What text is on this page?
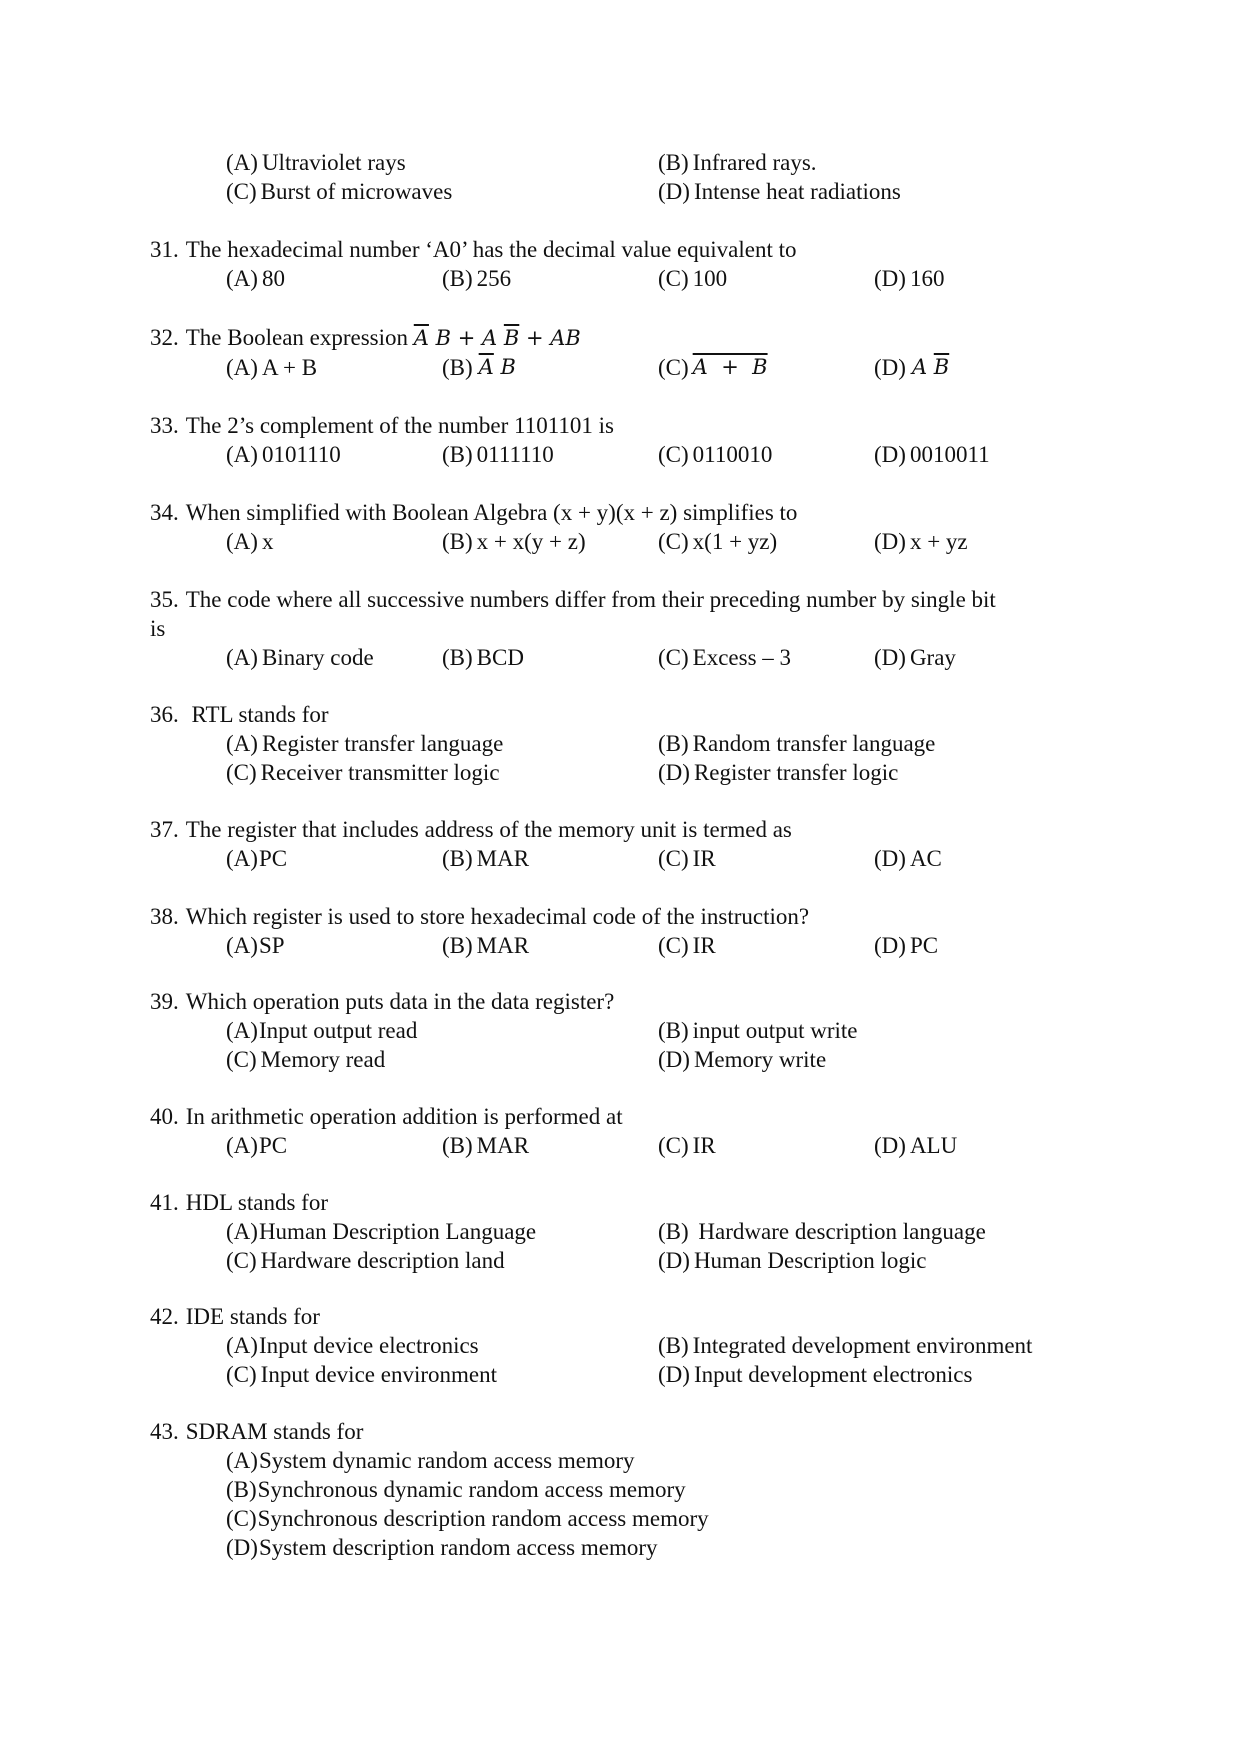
(A) Ultraviolet rays	(B) Infrared rays.
(C) Burst of microwaves	(D) Intense heat radiations
31. The hexadecimal number ‘A0’ has the decimal value equivalent to
(A) 80	(B) 256	(C) 100	(D) 160
32. The Boolean expression $\overline{A}$ B + A $\overline{B}$ + AB
(A) A + B	(B) $\overline{A}$ B	(C) A  +  B	(D) A $\overline{B}$
33. The 2’s complement of the number 1101101 is
(A) 0101110	(B) 0111110	(C) 0110010	(D) 0010011
34. When simplified with Boolean Algebra (x + y)(x + z) simplifies to
(A) x	(B) x + x(y + z)	(C) x(1 + yz)	(D) x + yz
35. The code where all successive numbers differ from their preceding number by single bit
is
(A) Binary code	(B) BCD	(C) Excess – 3	(D) Gray
36. RTL stands for
(A) Register transfer language	(B) Random transfer language
(C) Receiver transmitter logic	(D) Register transfer logic
37. The register that includes address of the memory unit is termed as
(A) PC	(B) MAR	(C) IR	(D) AC
38. Which register is used to store hexadecimal code of the instruction?
(A) SP	(B) MAR	(C) IR	(D) PC
39. Which operation puts data in the data register?
(A) Input output read	(B) input output write
(C) Memory read	(D) Memory write
40. In arithmetic operation addition is performed at
(A) PC	(B) MAR	(C) IR	(D) ALU
41. HDL stands for
(A) Human Description Language	(B) Hardware description language
(C) Hardware description land	(D) Human Description logic
42. IDE stands for
(A) Input device electronics	(B) Integrated development environment
(C) Input device environment	(D) Input development electronics
43. SDRAM stands for
(A) System dynamic random access memory
(B) Synchronous dynamic random access memory
(C) Synchronous description random access memory
(D) System description random access memory
